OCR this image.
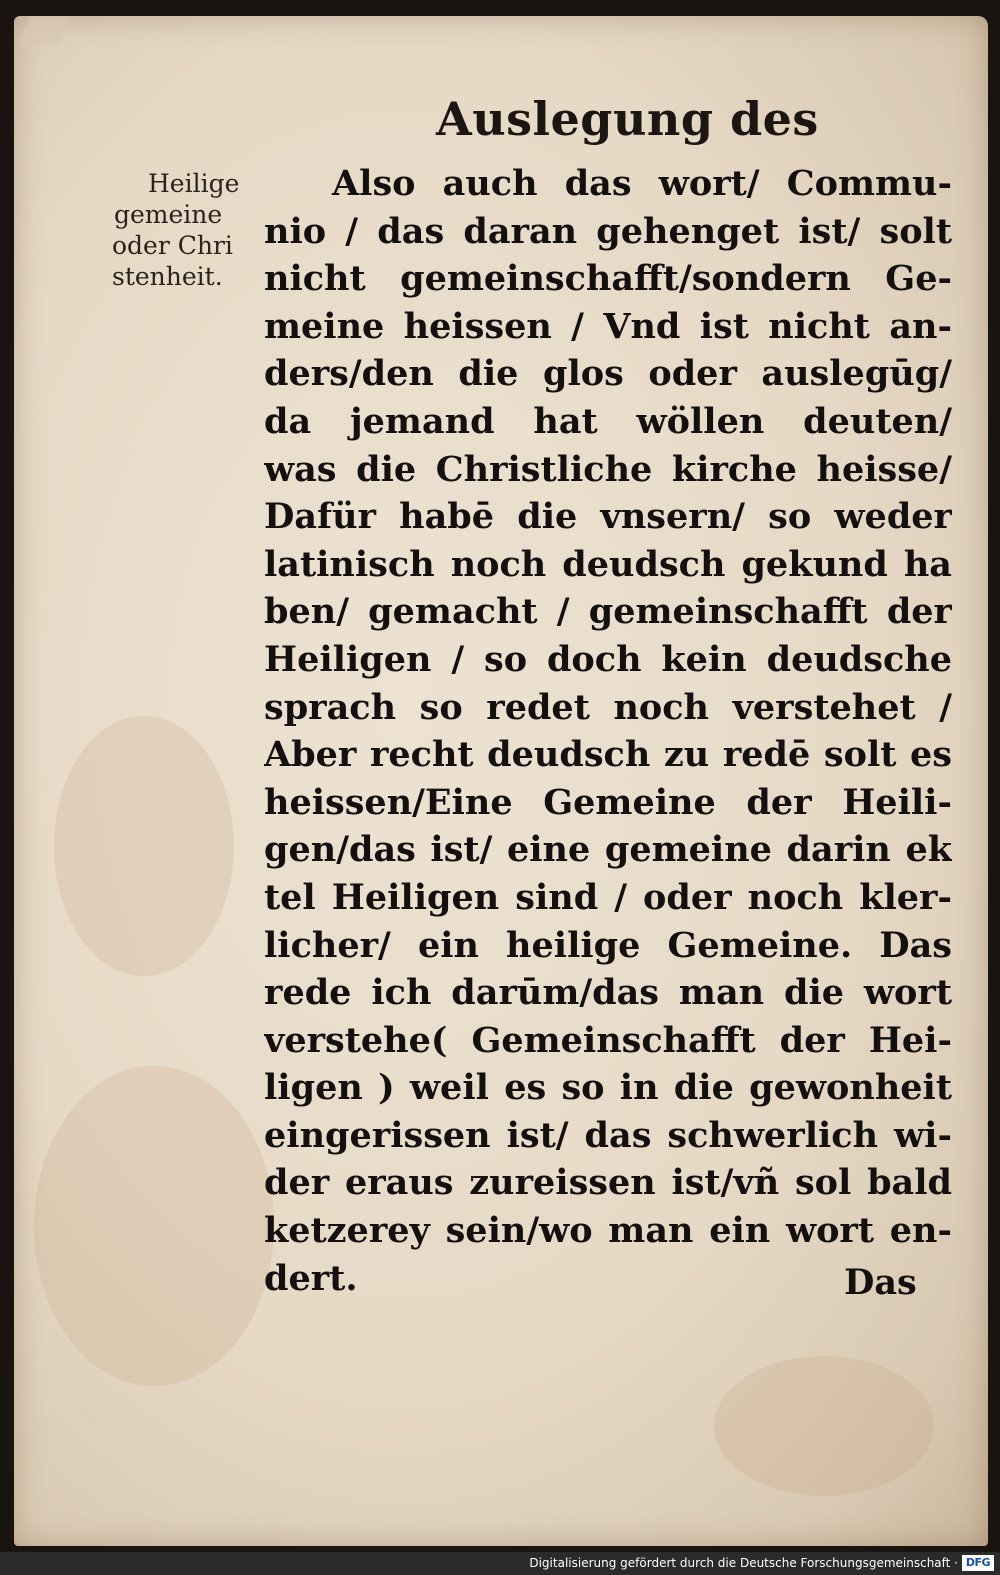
Auslegung des
Heilige
gemeine
oder Chri
stenheit.
Also auch das wort/ Commu-
nio / das daran gehenget ist/ solt
nicht gemeinschafft/sondern Ge-
meine heissen / Vnd ist nicht an-
ders/den die glos oder auslegūg/
da jemand hat wöllen deuten/
was die Christliche kirche heisse/
Dafür habē die vnsern/ so weder
latinisch noch deudsch gekund ha
ben/ gemacht / gemeinschafft der
Heiligen / so doch kein deudsche
sprach so redet noch verstehet /
Aber recht deudsch zu redē solt es
heissen/Eine Gemeine der Heili-
gen/das ist/ eine gemeine darin ek
tel Heiligen sind / oder noch kler-
licher/ ein heilige Gemeine. Das
rede ich darūm/das man die wort
verstehe( Gemeinschafft der Hei-
ligen ) weil es so in die gewonheit
eingerissen ist/ das schwerlich wi-
der eraus zureissen ist/vñ sol bald
ketzerey sein/wo man ein wort en-
dert.	Das
Digitalisierung gefördert durch die Deutsche Forschungsgemeinschaft · DFG
